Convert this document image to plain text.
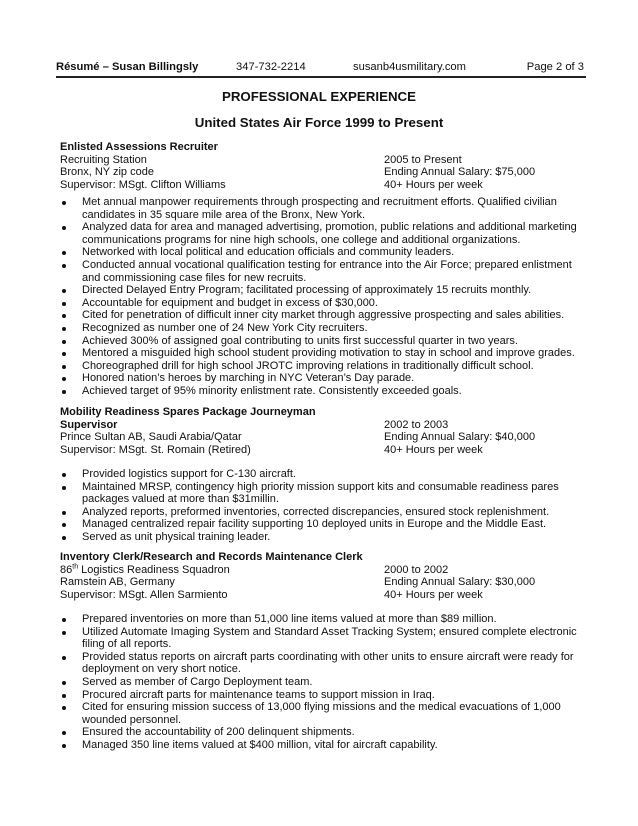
Résumé – Susan Billingsly	347-732-2214	susanb4usmilitary.com	Page 2 of 3
PROFESSIONAL EXPERIENCE
United States Air Force 1999 to Present
Enlisted Assessions Recruiter
Recruiting Station	2005 to Present
Bronx, NY zip code	Ending Annual Salary: $75,000
Supervisor: MSgt. Clifton Williams	40+ Hours per week
Met annual manpower requirements through prospecting and recruitment efforts. Qualified civilian candidates in 35 square mile area of the Bronx, New York.
Analyzed data for area and managed advertising, promotion, public relations and additional marketing communications programs for nine high schools, one college and additional organizations.
Networked with local political and education officials and community leaders.
Conducted annual vocational qualification testing for entrance into the Air Force; prepared enlistment and commissioning case files for new recruits.
Directed Delayed Entry Program; facilitated processing of approximately 15 recruits monthly.
Accountable for equipment and budget in excess of $30,000.
Cited for penetration of difficult inner city market through aggressive prospecting and sales abilities.
Recognized as number one of 24 New York City recruiters.
Achieved 300% of assigned goal contributing to units first successful quarter in two years.
Mentored a misguided high school student providing motivation to stay in school and improve grades.
Choreographed drill for high school JROTC improving relations in traditionally difficult school.
Honored nation’s heroes by marching in NYC Veteran’s Day parade.
Achieved target of 95% minority enlistment rate. Consistently exceeded goals.
Mobility Readiness Spares Package Journeyman
Supervisor	2002 to 2003
Prince Sultan AB, Saudi Arabia/Qatar	Ending Annual Salary: $40,000
Supervisor: MSgt. St. Romain (Retired)	40+ Hours per week
Provided logistics support for C-130 aircraft.
Maintained MRSP, contingency high priority mission support kits and consumable readiness pares packages valued at more than $31millin.
Analyzed reports, preformed inventories, corrected discrepancies, ensured stock replenishment.
Managed centralized repair facility supporting 10 deployed units in Europe and the Middle East.
Served as unit physical training leader.
Inventory Clerk/Research and Records Maintenance Clerk
86th Logistics Readiness Squadron	2000 to 2002
Ramstein AB, Germany	Ending Annual Salary: $30,000
Supervisor: MSgt. Allen Sarmiento	40+ Hours per week
Prepared inventories on more than 51,000 line items valued at more than $89 million.
Utilized Automate Imaging System and Standard Asset Tracking System; ensured complete electronic filing of all reports.
Provided status reports on aircraft parts coordinating with other units to ensure aircraft were ready for deployment on very short notice.
Served as member of Cargo Deployment team.
Procured aircraft parts for maintenance teams to support mission in Iraq.
Cited for ensuring mission success of 13,000 flying missions and the medical evacuations of 1,000 wounded personnel.
Ensured the accountability of 200 delinquent shipments.
Managed 350 line items valued at $400 million, vital for aircraft capability.
